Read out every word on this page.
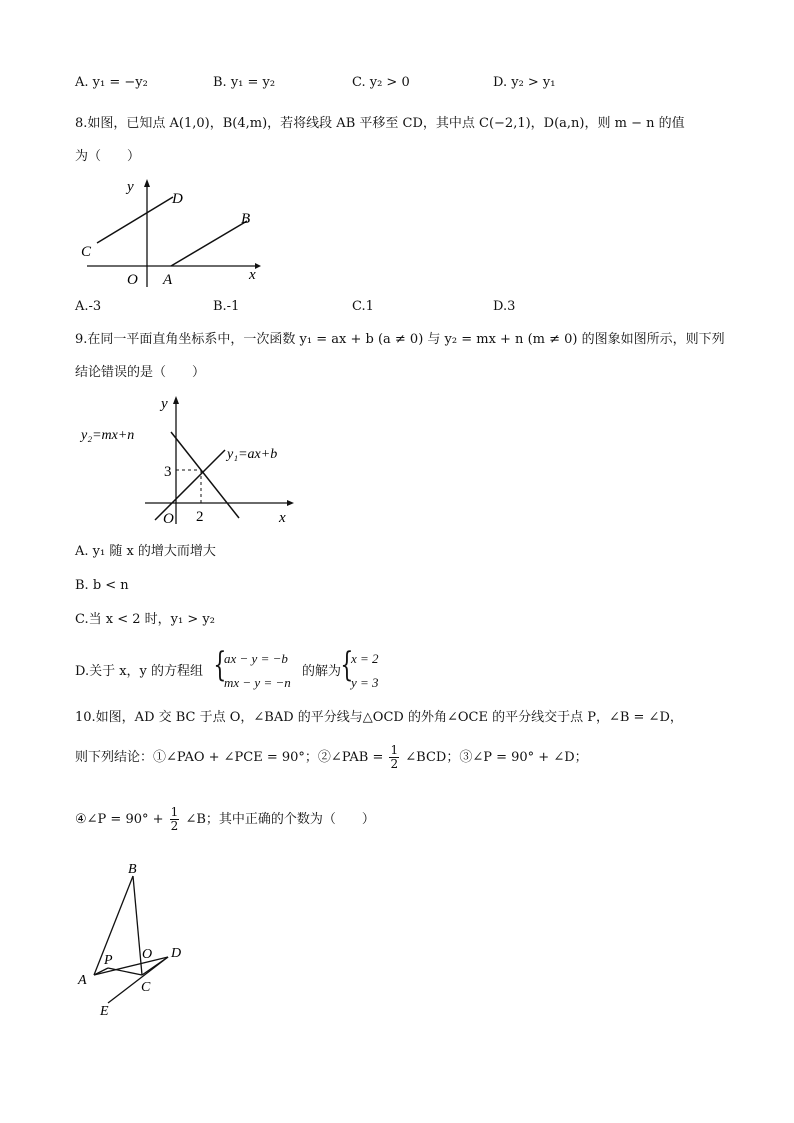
A. y₁ = −y₂	B. y₁ = y₂	C. y₂ > 0	D. y₂ > y₁
8.如图，已知点 A(1,0)，B(4,m)，若将线段 AB 平移至 CD，其中点 C(−2,1)，D(a,n)，则 m − n 的值
为（　　）
y
D
B
C
O A	x
A.-3	B.-1	C.1	D.3
9.在同一平面直角坐标系中，一次函数 y₁ = ax + b (a ≠ 0) 与 y₂ = mx + n (m ≠ 0) 的图象如图所示，则下列
结论错误的是（　　）
y
y₂=mx+n
y₁=ax+b
3
O 2	x
A. y₁ 随 x 的增大而增大
B. b < n
C.当 x < 2 时，y₁ > y₂
D.关于 x，y 的方程组 {
ax − y = −b
mx − y = −n
的解为 {
x = 2
y = 3
10.如图，AD 交 BC 于点 O，∠BAD 的平分线与△OCD 的外角∠OCE 的平分线交于点 P，∠B = ∠D，
则下列结论：①∠PAO + ∠PCE = 90°；②∠PAB = $\frac{1}{2}$ ∠BCD；③∠P = 90° + ∠D；
④∠P = $90^\circ + \frac{1}{2}$ ∠B；其中正确的个数为（　　）
B
P O D
A	C
E
